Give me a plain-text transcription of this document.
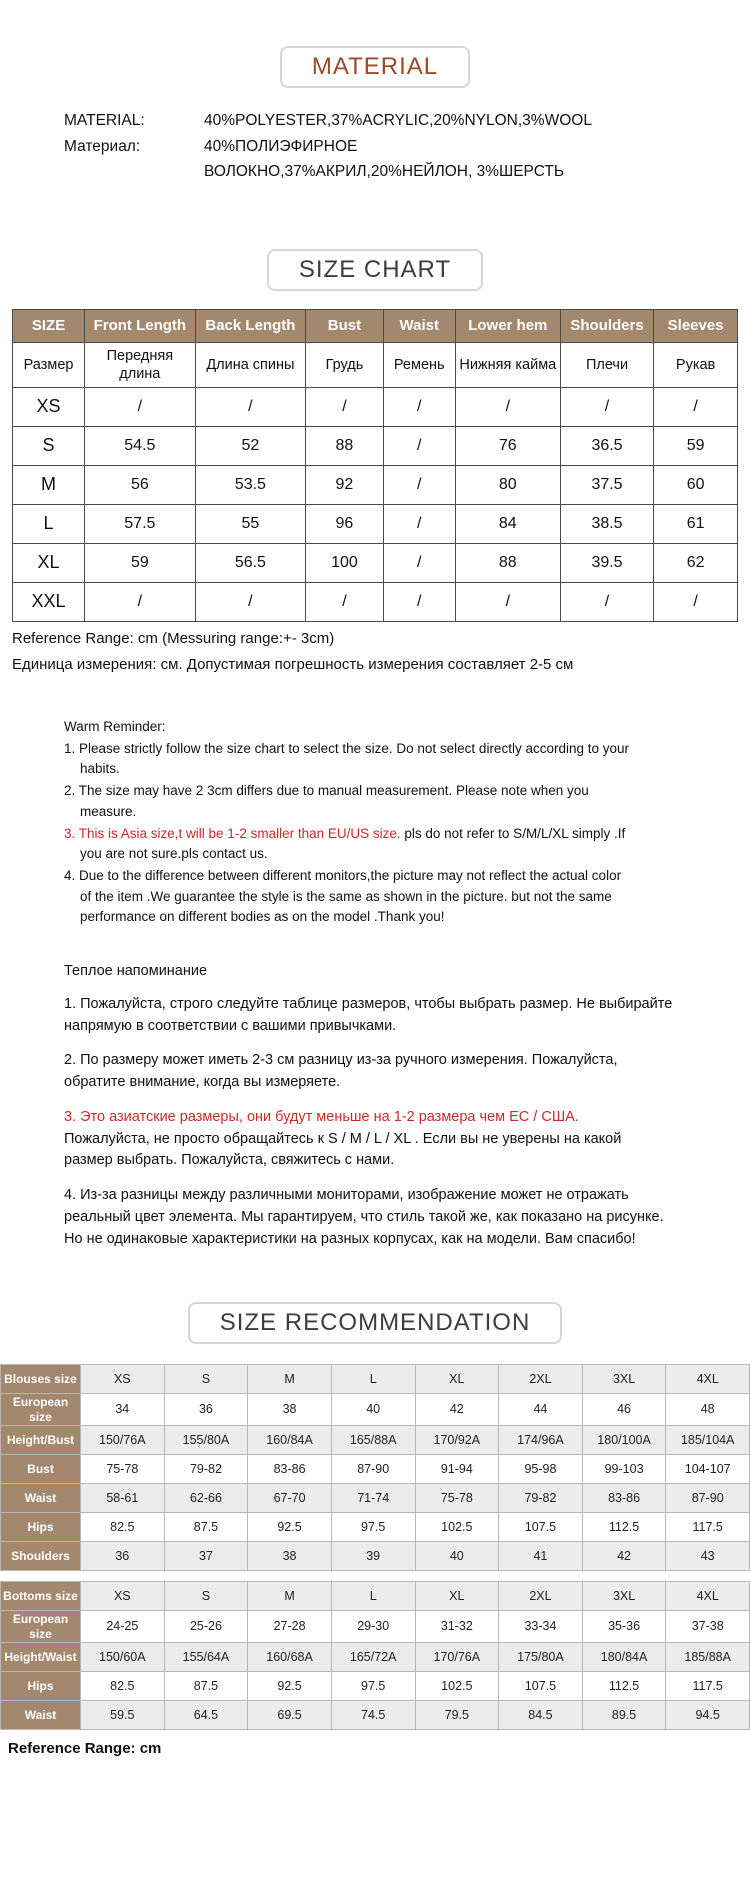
MATERIAL
MATERIAL:	40%POLYESTER,37%ACRYLIC,20%NYLON,3%WOOL
Материал:	40%ПОЛИЭФИРНОЕ ВОЛОКНО,37%АКРИЛ,20%НЕЙЛОН, 3%ШЕРСТЬ
SIZE CHART
SIZE	Front Length	Back Length	Bust	Waist	Lower hem	Shoulders	Sleeves
Размер	Передняя длина	Длина спины	Грудь	Ремень	Нижняя кайма	Плечи	Рукав
XS	/	/	/	/	/	/	/
S	54.5	52	88	/	76	36.5	59
M	56	53.5	92	/	80	37.5	60
L	57.5	55	96	/	84	38.5	61
XL	59	56.5	100	/	88	39.5	62
XXL	/	/	/	/	/	/	/
Reference Range: cm (Messuring range:+- 3cm)
Единица измерения: см. Допустимая погрешность измерения составляет 2-5 см
Warm Reminder:
1. Please strictly follow the size chart to select the size. Do not select directly according to your habits.
2. The size may have 2 3cm differs due to manual measurement. Please note when you measure.
3. This is Asia size,t will be 1-2 smaller than EU/US size. pls do not refer to S/M/L/XL simply .If you are not sure.pls contact us.
4. Due to the difference between different monitors,the picture may not reflect the actual color of the item .We guarantee the style is the same as shown in the picture. but not the same performance on different bodies as on the model .Thank you!
Теплое напоминание
1. Пожалуйста, строго следуйте таблице размеров, чтобы выбрать размер. Не выбирайте напрямую в соответствии с вашими привычками.
2. По размеру может иметь 2-3 см разницу из-за ручного измерения. Пожалуйста, обратите внимание, когда вы измеряете.
3. Это азиатские размеры, они будут меньше на 1-2 размера чем ЕС / США.
Пожалуйста, не просто обращайтесь к S / M / L / XL . Если вы не уверены на какой размер выбрать. Пожалуйста, свяжитесь с нами.
4. Из-за разницы между различными мониторами, изображение может не отражать реальный цвет элемента. Мы гарантируем, что стиль такой же, как показано на рисунке. Но не одинаковые характеристики на разных корпусах, как на модели. Вам спасибо!
SIZE RECOMMENDATION
Blouses size	XS	S	M	L	XL	2XL	3XL	4XL
European size	34	36	38	40	42	44	46	48
Height/Bust	150/76A	155/80A	160/84A	165/88A	170/92A	174/96A	180/100A	185/104A
Bust	75-78	79-82	83-86	87-90	91-94	95-98	99-103	104-107
Waist	58-61	62-66	67-70	71-74	75-78	79-82	83-86	87-90
Hips	82.5	87.5	92.5	97.5	102.5	107.5	112.5	117.5
Shoulders	36	37	38	39	40	41	42	43
Bottoms size	XS	S	M	L	XL	2XL	3XL	4XL
European size	24-25	25-26	27-28	29-30	31-32	33-34	35-36	37-38
Height/Waist	150/60A	155/64A	160/68A	165/72A	170/76A	175/80A	180/84A	185/88A
Hips	82.5	87.5	92.5	97.5	102.5	107.5	112.5	117.5
Waist	59.5	64.5	69.5	74.5	79.5	84.5	89.5	94.5
Reference Range: cm
